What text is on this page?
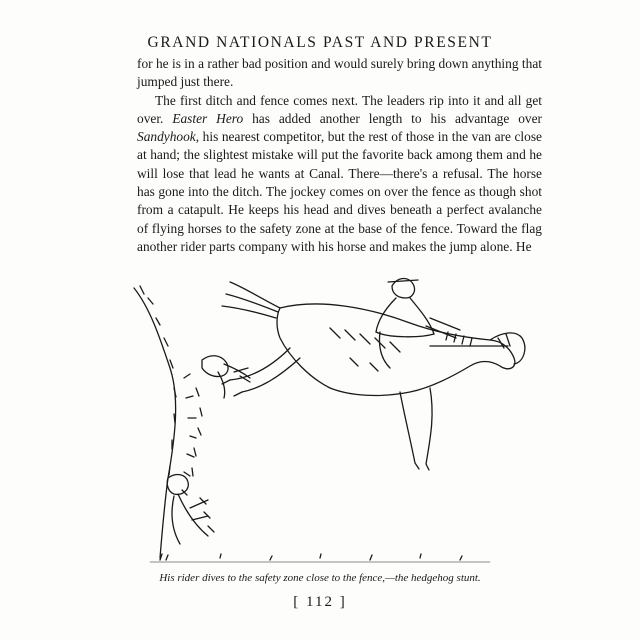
GRAND NATIONALS PAST AND PRESENT

for he is in a rather bad position and would surely bring down anything that jumped just there.

The first ditch and fence comes next. The leaders rip into it and all get over. Easter Hero has added another length to his advantage over Sandyhook, his nearest competitor, but the rest of those in the van are close at hand; the slightest mistake will put the favorite back among them and he will lose that lead he wants at Canal. There—there's a refusal. The horse has gone into the ditch. The jockey comes on over the fence as though shot from a catapult. He keeps his head and dives beneath a perfect avalanche of flying horses to the safety zone at the base of the fence. Toward the flag another rider parts company with his horse and makes the jump alone. He

His rider dives to the safety zone close to the fence,—the hedgehog stunt.
[ 112 ]
